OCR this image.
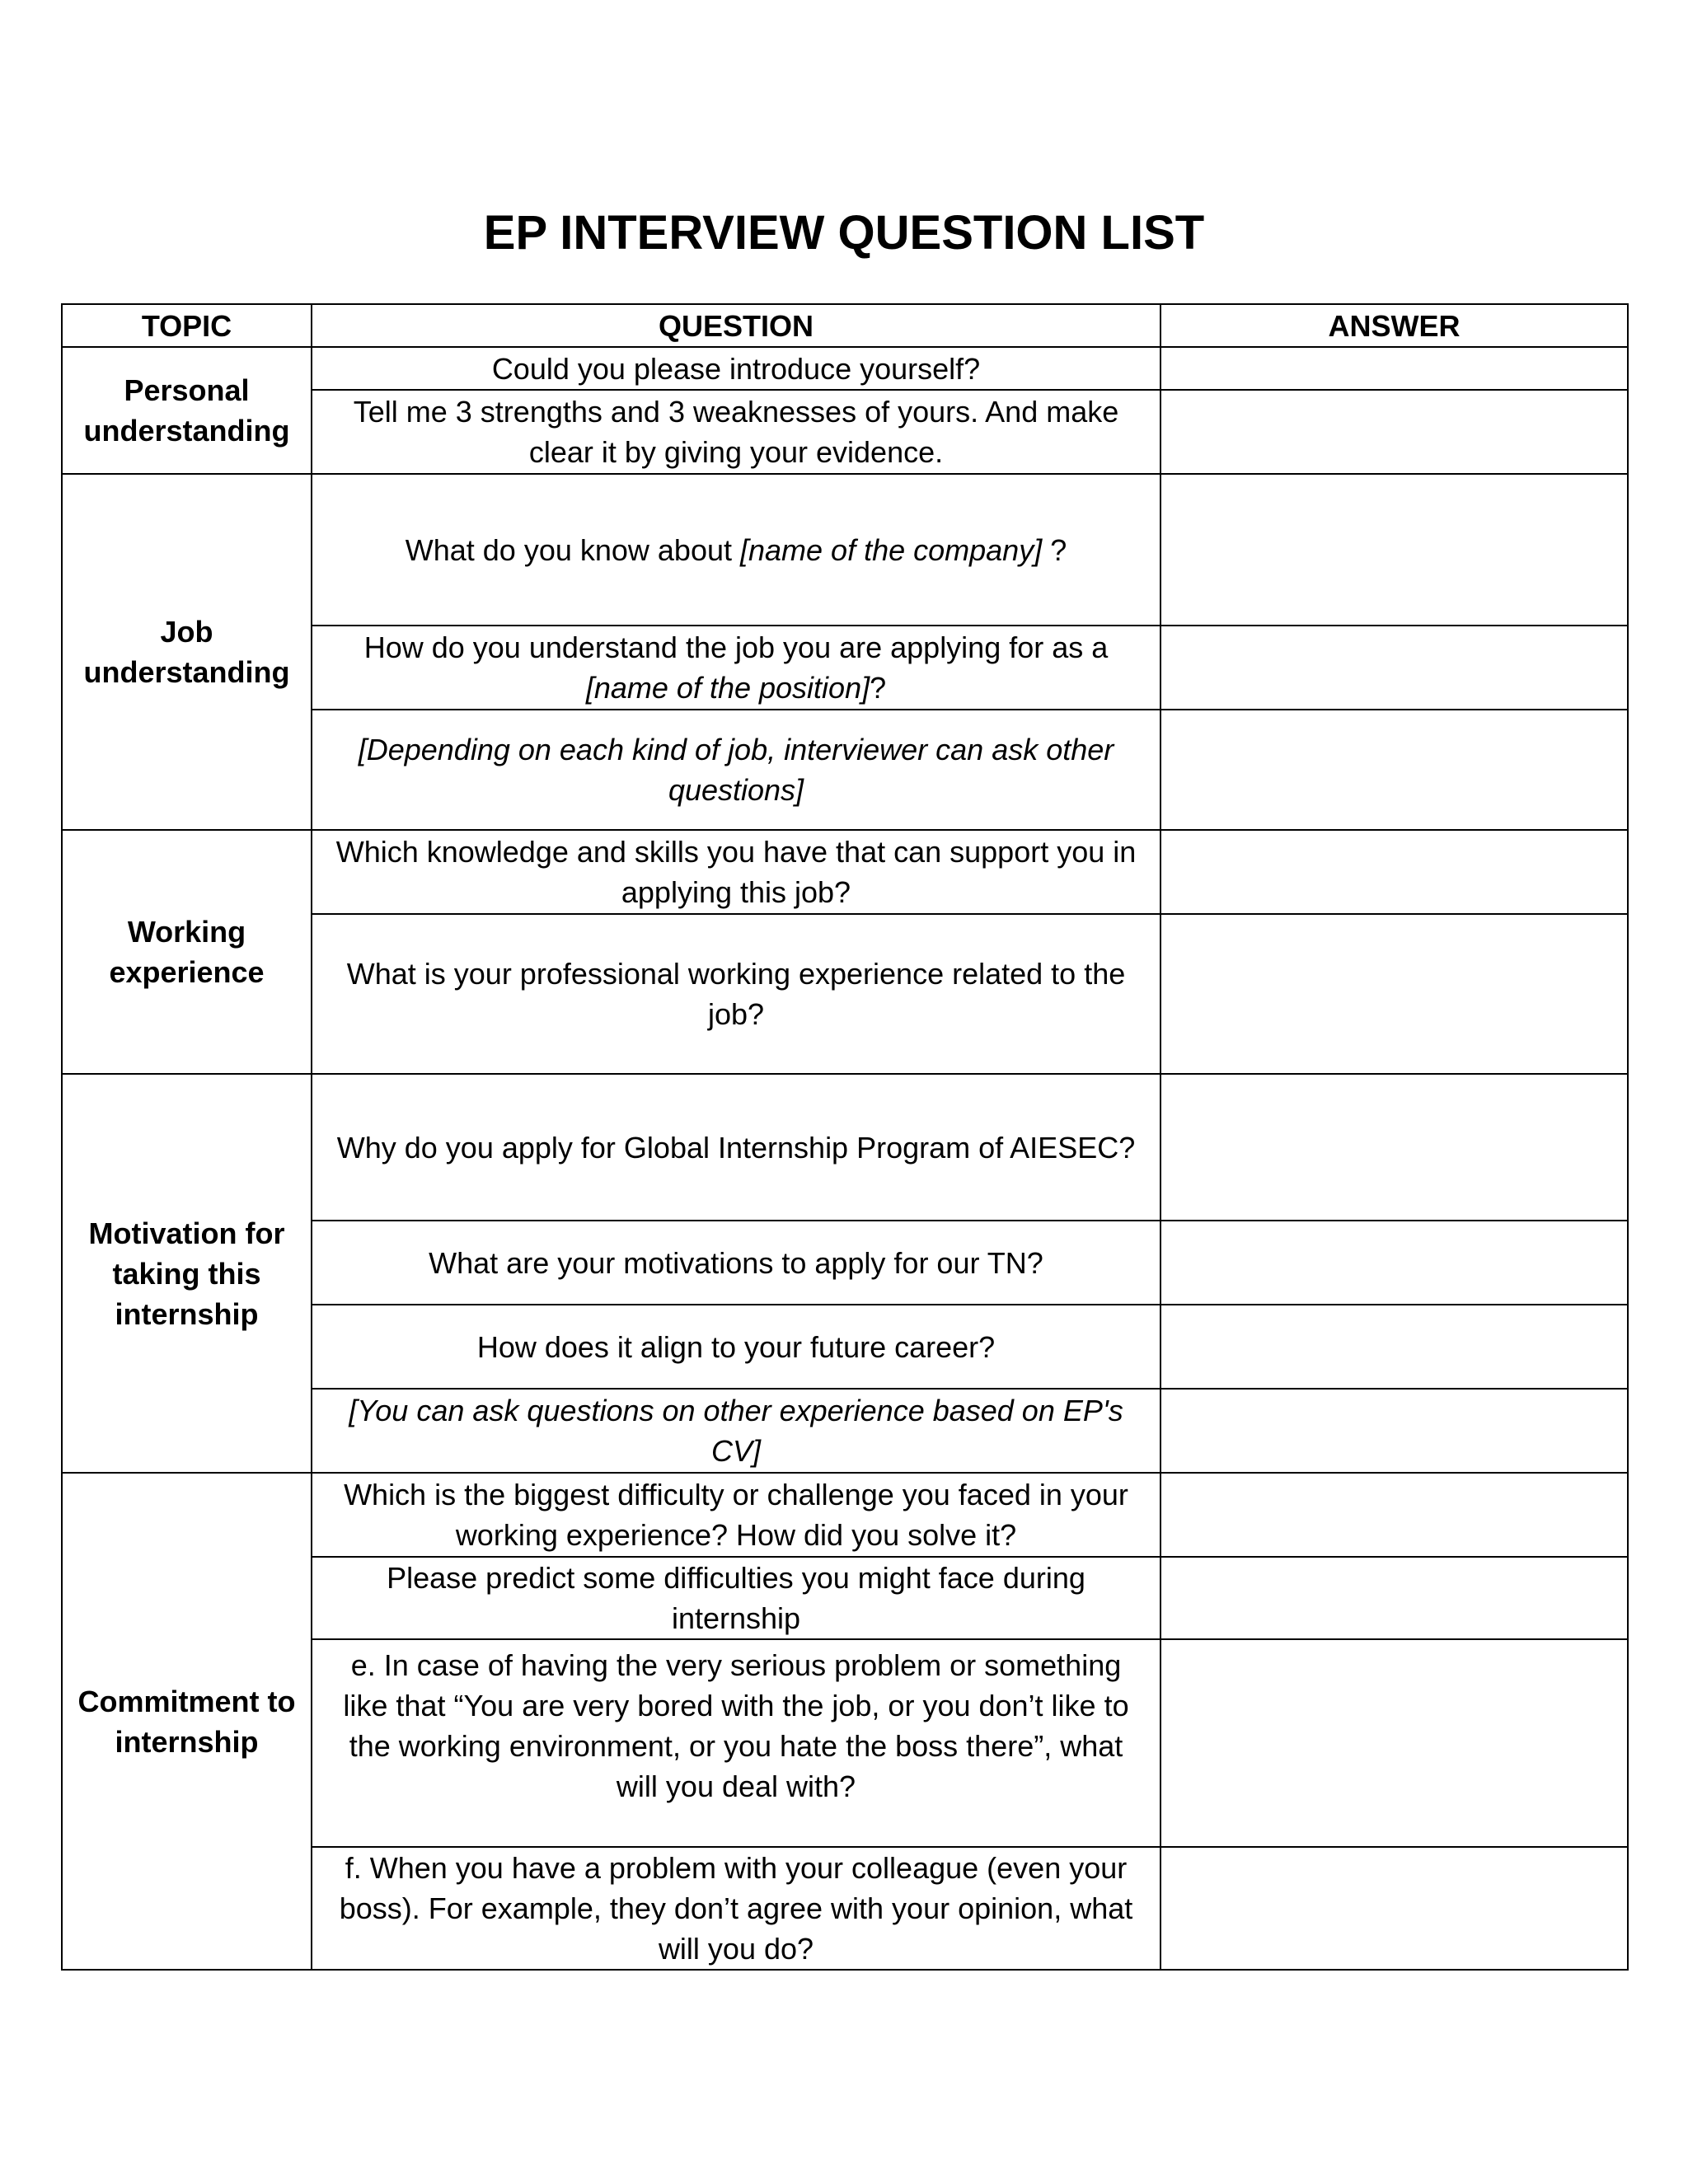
EP INTERVIEW QUESTION LIST
TOPIC	QUESTION	ANSWER
Personal understanding	Could you please introduce yourself?	
	Tell me 3 strengths and 3 weaknesses of yours. And make clear it by giving your evidence.	
Job understanding	What do you know about [name of the company] ?	
	How do you understand the job you are applying for as a [name of the position]?	
	[Depending on each kind of job, interviewer can ask other questions]	
Working experience	Which knowledge and skills you have that can support you in applying this job?	
	What is your professional working experience related to the job?	
Motivation for taking this internship	Why do you apply for Global Internship Program of AIESEC?	
	What are your motivations to apply for our TN?	
	How does it align to your future career?	
	[You can ask questions on other experience based on EP's CV]	
Commitment to internship	Which is the biggest difficulty or challenge you faced in your working experience? How did you solve it?	
	Please predict some difficulties you might face during internship	
	e. In case of having the very serious problem or something like that “You are very bored with the job, or you don’t like to the working environment, or you hate the boss there”, what will you deal with?	
	f. When you have a problem with your colleague (even your boss). For example, they don’t agree with your opinion, what will you do?	
